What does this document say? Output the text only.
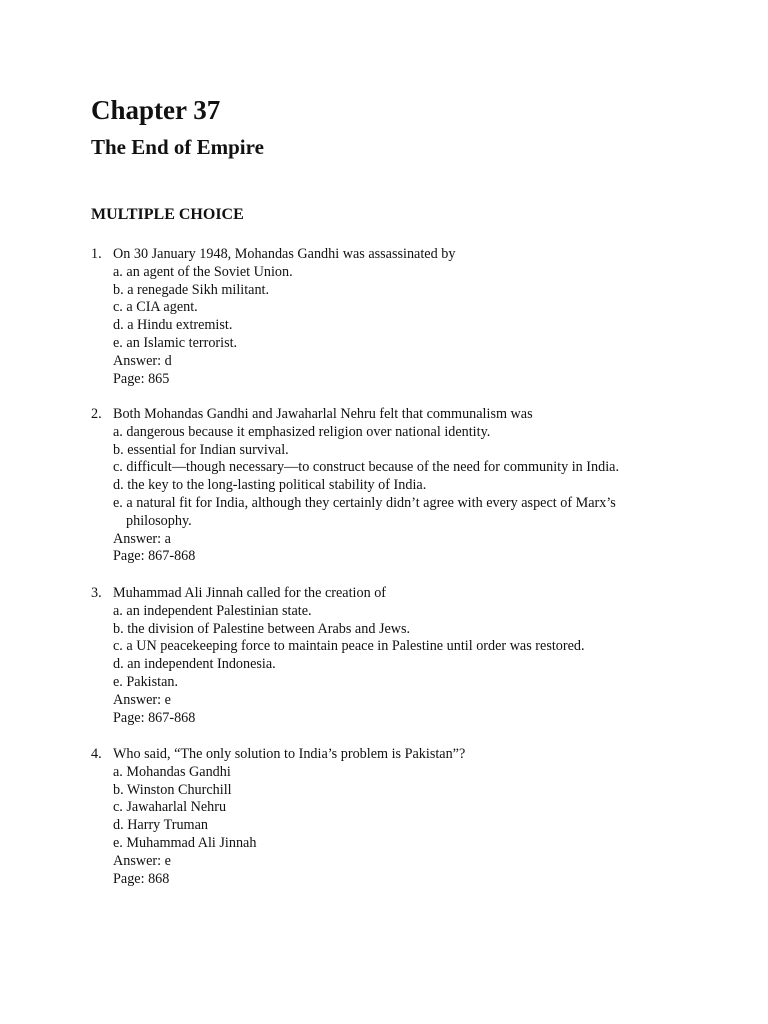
Chapter 37
The End of Empire
MULTIPLE CHOICE
1. On 30 January 1948, Mohandas Gandhi was assassinated by

a. an agent of the Soviet Union.

b. a renegade Sikh militant.

c. a CIA agent.

d. a Hindu extremist.

e. an Islamic terrorist.

Answer: d

Page: 865

2. Both Mohandas Gandhi and Jawaharlal Nehru felt that communalism was

a. dangerous because it emphasized religion over national identity.

b. essential for Indian survival.

c. difficult—though necessary—to construct because of the need for community in India.

d. the key to the long-lasting political stability of India.

e. a natural fit for India, although they certainly didn’t agree with every aspect of Marx’s

philosophy.

Answer: a

Page: 867-868

3. Muhammad Ali Jinnah called for the creation of

a. an independent Palestinian state.

b. the division of Palestine between Arabs and Jews.

c. a UN peacekeeping force to maintain peace in Palestine until order was restored.

d. an independent Indonesia.

e. Pakistan.

Answer: e

Page: 867-868

4. Who said, “The only solution to India’s problem is Pakistan”?

a. Mohandas Gandhi

b. Winston Churchill

c. Jawaharlal Nehru

d. Harry Truman

e. Muhammad Ali Jinnah

Answer: e

Page: 868
